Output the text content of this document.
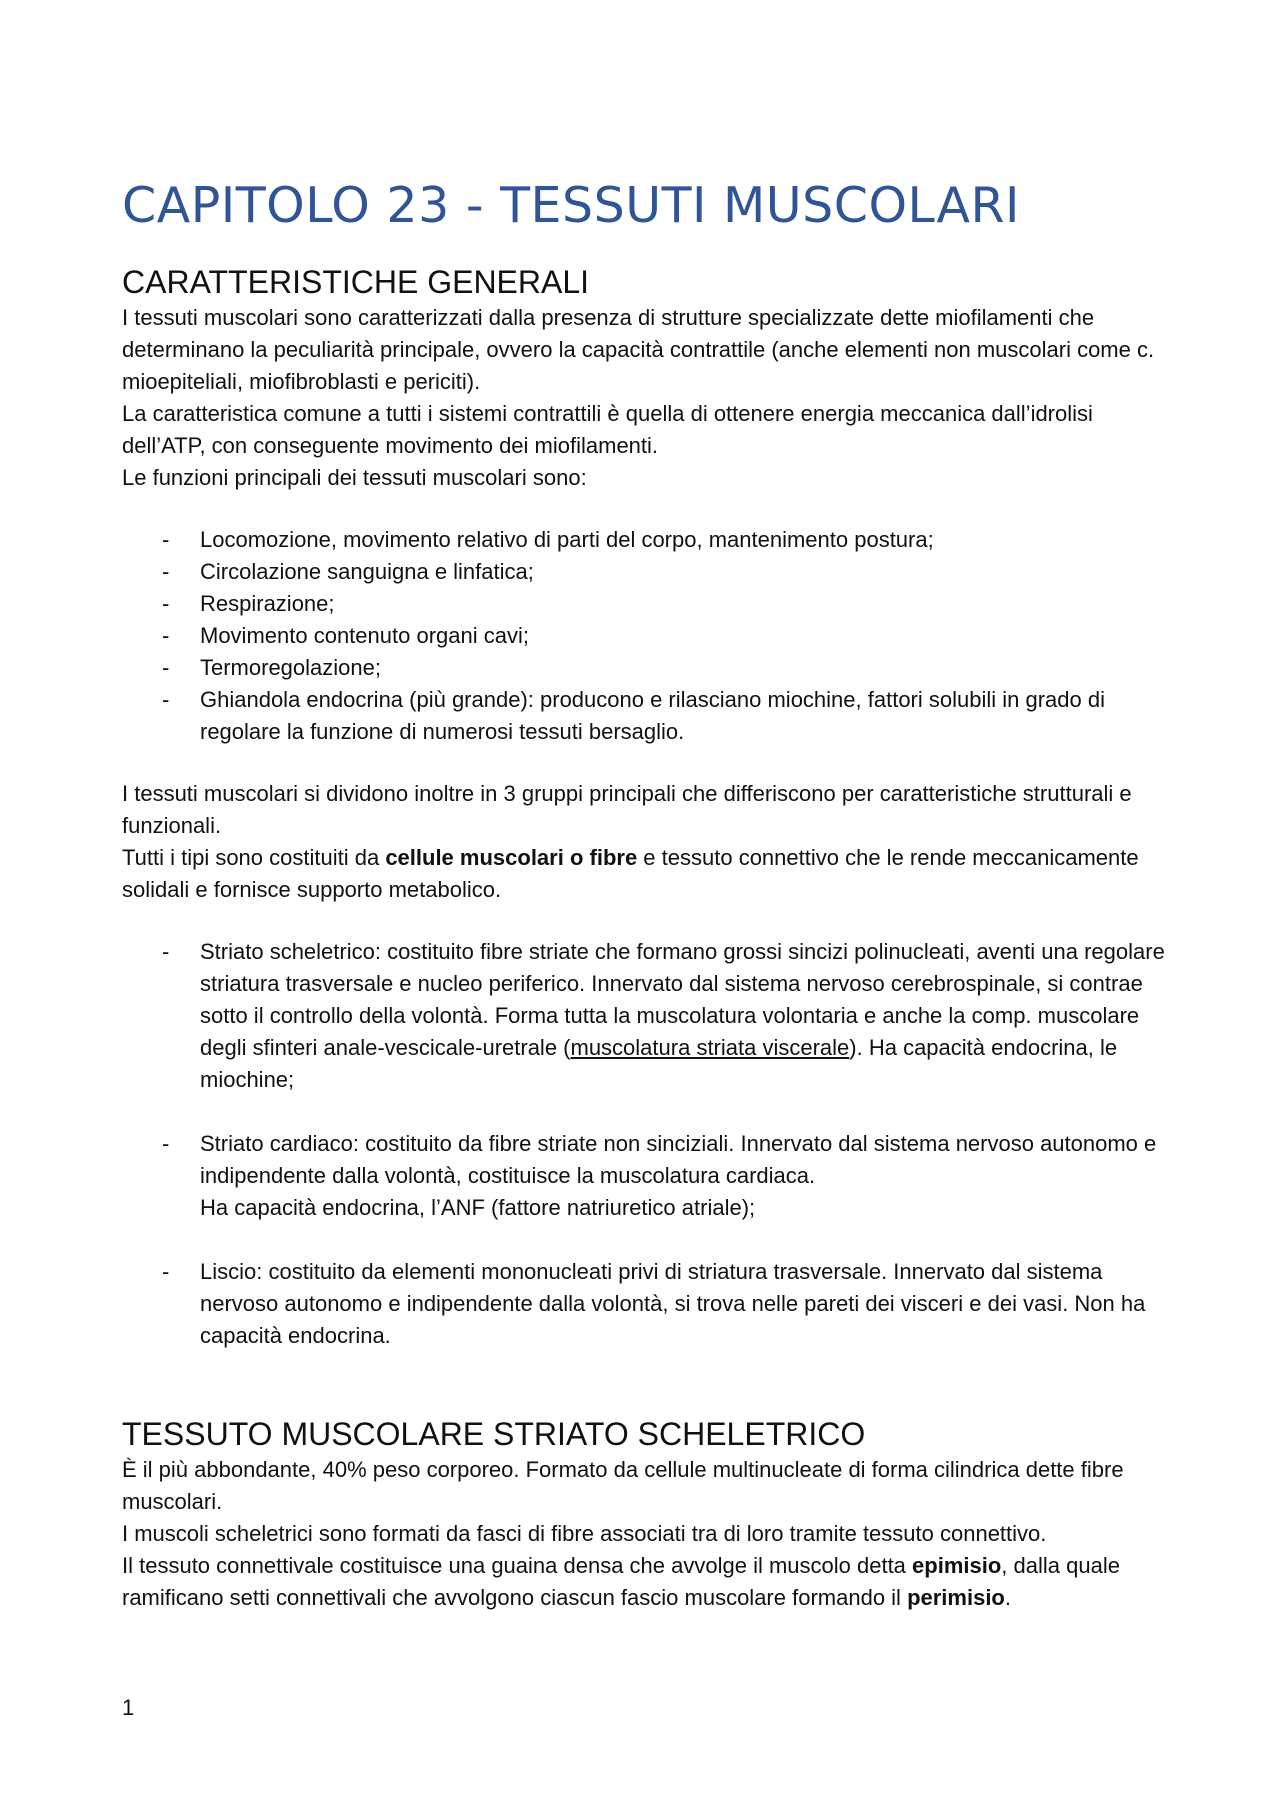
CAPITOLO 23 - TESSUTI MUSCOLARI
CARATTERISTICHE GENERALI

I tessuti muscolari sono caratterizzati dalla presenza di strutture specializzate dette miofilamenti che determinano la peculiarità principale, ovvero la capacità contrattile (anche elementi non muscolari come c. mioepiteliali, miofibroblasti e periciti).

La caratteristica comune a tutti i sistemi contrattili è quella di ottenere energia meccanica dall’idrolisi dell’ATP, con conseguente movimento dei miofilamenti.

Le funzioni principali dei tessuti muscolari sono:

- Locomozione, movimento relativo di parti del corpo, mantenimento postura;
- Circolazione sanguigna e linfatica;
- Respirazione;
- Movimento contenuto organi cavi;
- Termoregolazione;
- Ghiandola endocrina (più grande): producono e rilasciano miochine, fattori solubili in grado di regolare la funzione di numerosi tessuti bersaglio.

I tessuti muscolari si dividono inoltre in 3 gruppi principali che differiscono per caratteristiche strutturali e funzionali.

Tutti i tipi sono costituiti da cellule muscolari o fibre e tessuto connettivo che le rende meccanicamente solidali e fornisce supporto metabolico.

- Striato scheletrico: costituito fibre striate che formano grossi sincizi polinucleati, aventi una regolare striatura trasversale e nucleo periferico. Innervato dal sistema nervoso cerebrospinale, si contrae sotto il controllo della volontà. Forma tutta la muscolatura volontaria e anche la comp. muscolare degli sfinteri anale-vescicale-uretrale (muscolatura striata viscerale). Ha capacità endocrina, le miochine;
- Striato cardiaco: costituito da fibre striate non sinciziali. Innervato dal sistema nervoso autonomo e indipendente dalla volontà, costituisce la muscolatura cardiaca.
Ha capacità endocrina, l’ANF (fattore natriuretico atriale);
- Liscio: costituito da elementi mononucleati privi di striatura trasversale. Innervato dal sistema nervoso autonomo e indipendente dalla volontà, si trova nelle pareti dei visceri e dei vasi. Non ha capacità endocrina.
TESSUTO MUSCOLARE STRIATO SCHELETRICO

È il più abbondante, 40% peso corporeo. Formato da cellule multinucleate di forma cilindrica dette fibre muscolari.

I muscoli scheletrici sono formati da fasci di fibre associati tra di loro tramite tessuto connettivo.

Il tessuto connettivale costituisce una guaina densa che avvolge il muscolo detta epimisio, dalla quale ramificano setti connettivali che avvolgono ciascun fascio muscolare formando il perimisio.

1
